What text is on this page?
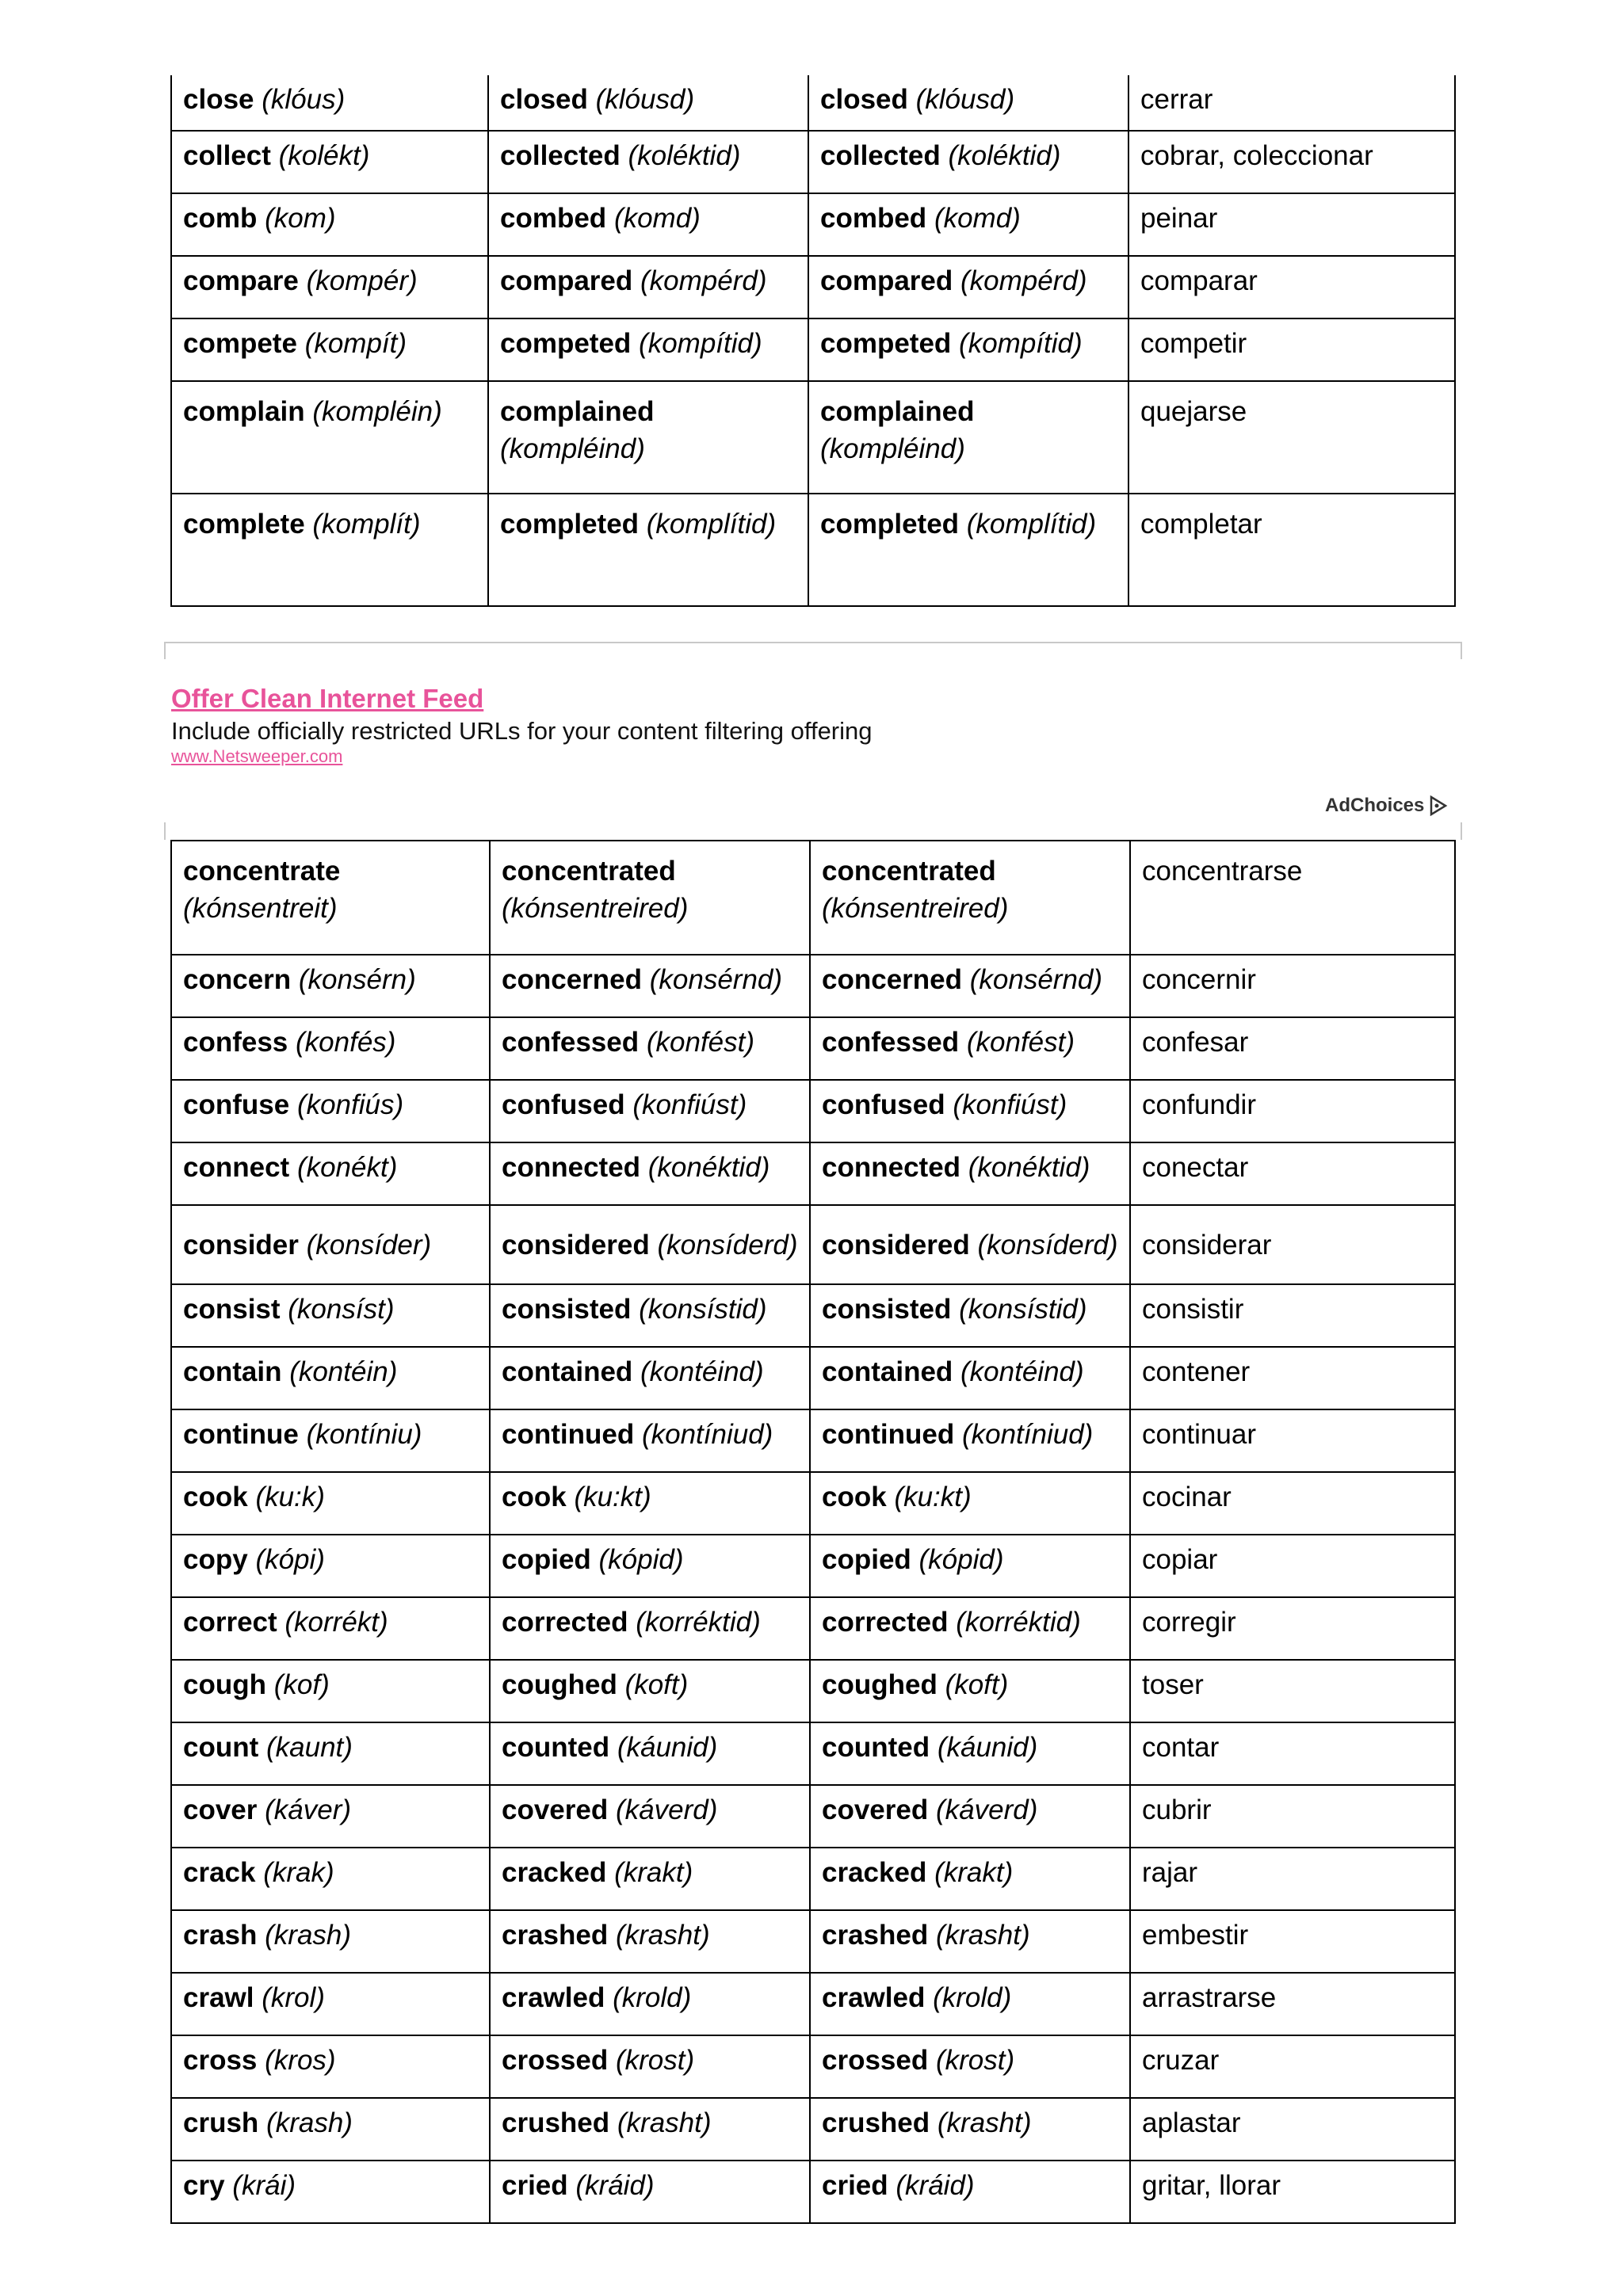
close (klóus)	closed (klóusd)	closed (klóusd)	cerrar
collect (kolékt)	collected (koléktid)	collected (koléktid)	cobrar, coleccionar
comb (kom)	combed (komd)	combed (komd)	peinar
compare (kompér)	compared (kompérd)	compared (kompérd)	comparar
compete (kompít)	competed (kompítid)	competed (kompítid)	competir
complain (kompléin)	complained (kompléind)	complained (kompléind)	quejarse
complete (komplít)	completed (komplítid)	completed (komplítid)	completar
Offer Clean Internet Feed
Include officially restricted URLs for your content filtering offering
www.Netsweeper.com
AdChoices
concentrate (kónsentreit)	concentrated (kónsentreired)	concentrated (kónsentreired)	concentrarse
concern (konsérn)	concerned (konsérnd)	concerned (konsérnd)	concernir
confess (konfés)	confessed (konfést)	confessed (konfést)	confesar
confuse (konfiús)	confused (konfiúst)	confused (konfiúst)	confundir
connect (konékt)	connected (konéktid)	connected (konéktid)	conectar
consider (konsíder)	considered (konsíderd)	considered (konsíderd)	considerar
consist (konsíst)	consisted (konsístid)	consisted (konsístid)	consistir
contain (kontéin)	contained (kontéind)	contained (kontéind)	contener
continue (kontíniu)	continued (kontíniud)	continued (kontíniud)	continuar
cook (ku:k)	cook (ku:kt)	cook (ku:kt)	cocinar
copy (kópi)	copied (kópid)	copied (kópid)	copiar
correct (korrékt)	corrected (korréktid)	corrected (korréktid)	corregir
cough (kof)	coughed (koft)	coughed (koft)	toser
count (kaunt)	counted (káunid)	counted (káunid)	contar
cover (káver)	covered (káverd)	covered (káverd)	cubrir
crack (krak)	cracked (krakt)	cracked (krakt)	rajar
crash (krash)	crashed (krasht)	crashed (krasht)	embestir
crawl (krol)	crawled (krold)	crawled (krold)	arrastrarse
cross (kros)	crossed (krost)	crossed (krost)	cruzar
crush (krash)	crushed (krasht)	crushed (krasht)	aplastar
cry (krái)	cried (kráid)	cried (kráid)	gritar, llorar
